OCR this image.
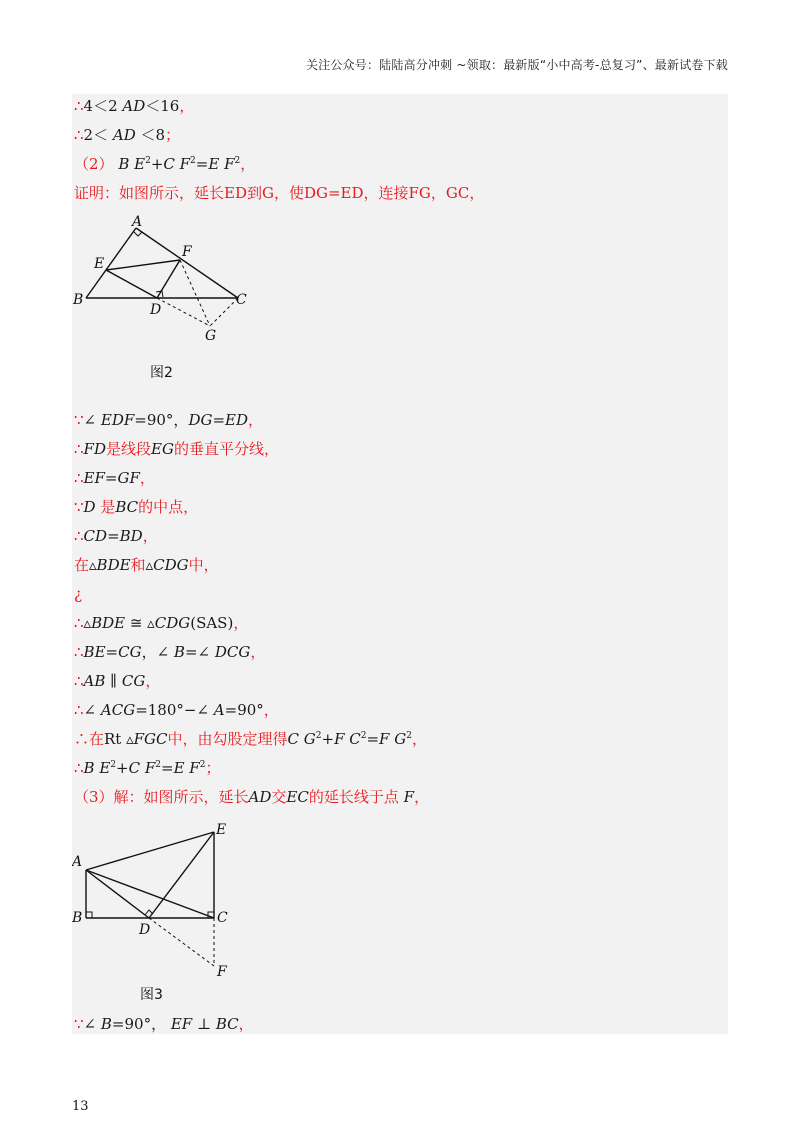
关注公众号：陆陆高分冲刺 ~领取：最新版“小中高考-总复习”、最新试卷下载
∴4＜2 AD＜16，
∴2＜ AD ＜8；
（2） B $E^2+C$ $F^2=E$ $F^2$，
证明：如图所示，延长ED到G，使DG=ED，连接FG，GC，
A
F
E
B
D
C
G
图2
∵∠ EDF=90°，DG=ED，
∴FD是线段EG的垂直平分线，
∴EF=GF，
∵D 是BC的中点，
∴CD=BD，
在▵BDE和▵CDG中，
¿
∴▵BDE ≅ ▵CDG(SAS)，
∴BE=CG，∠ B=∠ DCG，
∴AB ∥ CG，
∴∠ ACG=180°−∠ A=90°，
∴在Rt ▵FGC中，由勾股定理得C $G^2+F$ $C^2=F$ $G^2$，
∴B $E^2+C$ $F^2=E$ $F^2$；
（3）解：如图所示，延长AD交EC的延长线于点 F，
E
A
B
D
C
F
图3
∵∠ B=90°， EF ⊥ BC，
13
